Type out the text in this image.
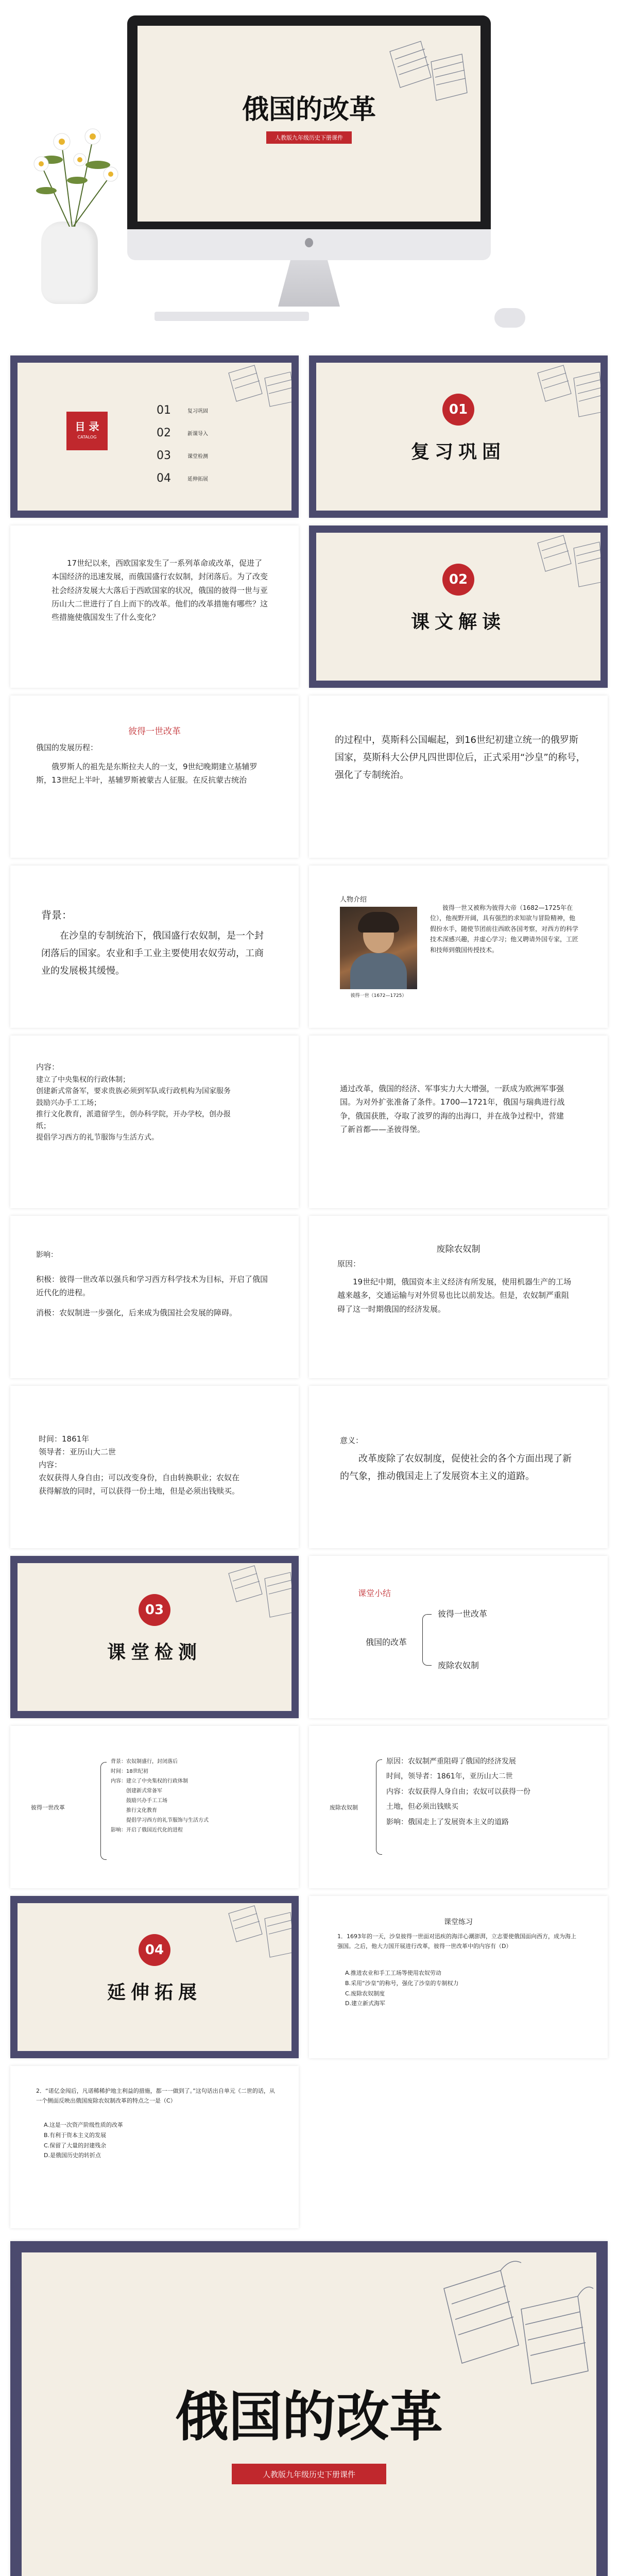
俄国的改革
人教版九年级历史下册课件
目 录
CATALOG
01	复习巩固
02	新课导入
03	课堂检测
04	延伸拓展
01
复习巩固
17世纪以来，西欧国家发生了一系列革命或改革，促进了本国经济的迅速发展，而俄国盛行农奴制，封闭落后。为了改变社会经济发展大大落后于西欧国家的状况，俄国的彼得一世与亚历山大二世进行了自上而下的改革。他们的改革措施有哪些？这些措施使俄国发生了什么变化？
02
课文解读
彼得一世改革
俄国的发展历程：
俄罗斯人的祖先是东斯拉夫人的一支，9世纪晚期建立基辅罗斯，13世纪上半叶，基辅罗斯被蒙古人征服。在反抗蒙古统治
的过程中，莫斯科公国崛起，到16世纪初建立统一的俄罗斯国家，莫斯科大公伊凡四世即位后，正式采用“沙皇”的称号，强化了专制统治。
背景：
在沙皇的专制统治下，俄国盛行农奴制，是一个封闭落后的国家。农业和手工业主要使用农奴劳动，工商业的发展极其缓慢。
人物介绍
彼得一世（1672—1725）
彼得一世又被称为彼得大帝（1682—1725年在位），他视野开阔，具有强烈的求知欲与冒险精神，他假扮水手，随使节团前往西欧各国考察，对西方的科学技术深感兴趣，并虚心学习；他又聘请外国专家，工匠和技师到俄国传授技术。
内容：
建立了中央集权的行政体制；
创建新式常备军，要求贵族必须到军队或行政机构为国家服务
鼓励兴办手工工场；
推行文化教育，派遣留学生，创办科学院，开办学校，创办报纸；
提倡学习西方的礼节服饰与生活方式。
通过改革，俄国的经济、军事实力大大增强，一跃成为欧洲军事强国。为对外扩张准备了条件。1700—1721年，俄国与瑞典进行战争，俄国获胜，夺取了波罗的海的出海口，并在战争过程中，营建了新首都——圣彼得堡。
影响：
积极：彼得一世改革以强兵和学习西方科学技术为目标，开启了俄国近代化的进程。
消极：农奴制进一步强化，后来成为俄国社会发展的障碍。
废除农奴制
原因：
19世纪中期，俄国资本主义经济有所发展，使用机器生产的工场越来越多，交通运输与对外贸易也比以前发达。但是，农奴制严重阻碍了这一时期俄国的经济发展。
时间：1861年
领导者：亚历山大二世
内容：
农奴获得人身自由；可以改变身份，自由转换职业；农奴在获得解放的同时，可以获得一份土地，但是必须出钱赎买。
意义：
改革废除了农奴制度，促使社会的各个方面出现了新的气象，推动俄国走上了发展资本主义的道路。
03
课堂检测
课堂小结
俄国的改革
彼得一世改革
废除农奴制
彼得一世改革
背景：农奴制盛行，封闭落后
时间：18世纪初
内容：建立了中央集权的行政体制
创建新式常备军
鼓励兴办手工工场
推行文化教育
提倡学习西方的礼节服饰与生活方式
影响：开启了俄国近代化的进程
废除农奴制
原因：农奴制严重阻碍了俄国的经济发展
时间，领导者：1861年，亚历山大二世
内容：农奴获得人身自由；农奴可以获得一份
土地，但必须出钱赎买
影响：俄国走上了发展资本主义的道路
04
延伸拓展
课堂练习
1．1693年的一天，沙皇彼得一世面对迅疾的海洋心潮澎湃，立志要使俄国面向西方，成为海上强国。之后，他大力国开展进行改革，彼得一世改革中的内容有（D）
A.推进农业和手工工场等使用农奴劳动
B.采用“沙皇”的称号，强化了沙皇的专制权力
C.废除农奴制度
D.建立新式海军
2．“诺亿金闯后，凡诺稀稀护地主利益的措施，都一一做到了。”这句话出自单元《二世的话，从一个侧面反映出俄国废除农奴制改革的特点之一是（C）
A.这是一次资产阶级性质的改革
B.有利于资本主义的发展
C.保留了大量的封建残余
D.是俄国历史的转折点
俄国的改革
人教版九年级历史下册课件
